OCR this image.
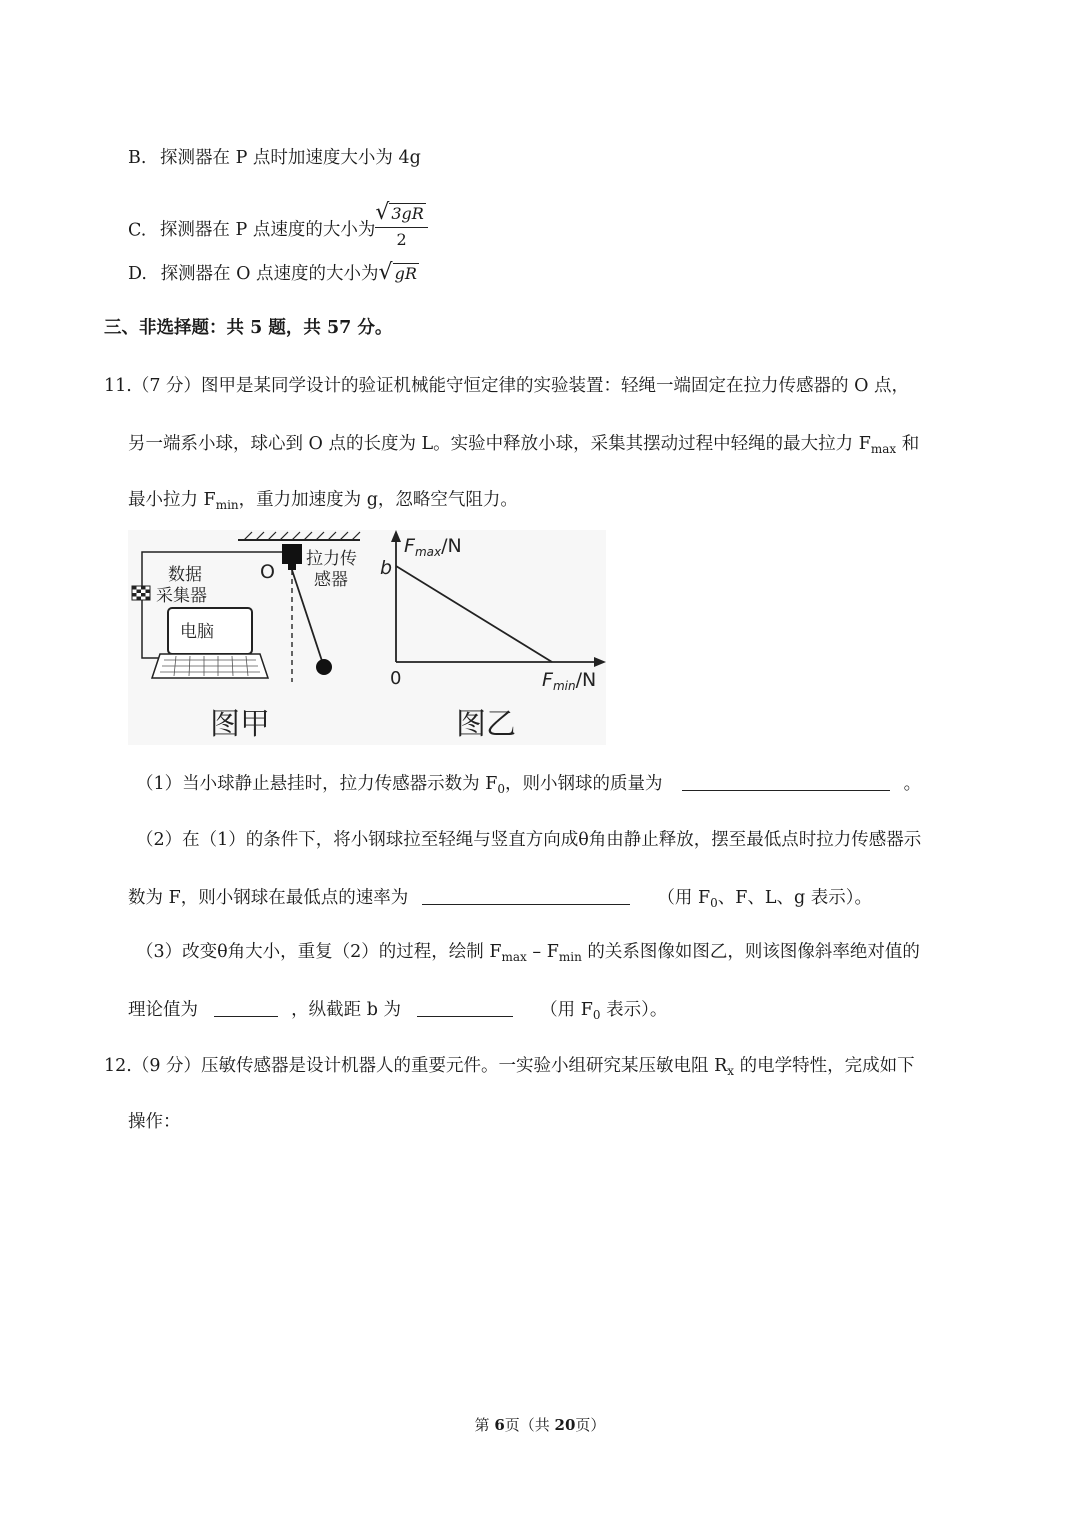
B. 探测器在 P 点时加速度大小为 4g
C. 探测器在 P 点速度的大小为 $\frac{√ 3gR}{2}$
D. 探测器在 O 点速度的大小为√ gR
三、非选择题：共 5 题，共 57 分。
11.（7 分）图甲是某同学设计的验证机械能守恒定律的实验装置：轻绳一端固定在拉力传感器的 O 点，
另一端系小球，球心到 O 点的长度为 L。实验中释放小球，采集其摆动过程中轻绳的最大拉力 $F_{max}$ 和
最小拉力 $F_{min}$，重力加速度为 g，忽略空气阻力。
数据
采集器
电脑
O
拉力传
感器
$F_{max}/N$
b
0	$F_{min}/N$
图甲	图乙
（1）当小球静止悬挂时，拉力传感器示数为 $F_0$，则小钢球的质量为	。
（2）在（1）的条件下，将小钢球拉至轻绳与竖直方向成θ角由静止释放，摆至最低点时拉力传感器示
数为 F，则小钢球在最低点的速率为	（用 $F_0$、F、L、g 表示）。
（3）改变θ角大小，重复（2）的过程，绘制 $F_{max} - F_{min}$ 的关系图像如图乙，则该图像斜率绝对值的
理论值为	，纵截距 b 为	（用 $F_0$ 表示）。
12.（9 分）压敏传感器是设计机器人的重要元件。一实验小组研究某压敏电阻 $R_x$ 的电学特性，完成如下
操作：
第 6页（共 20页）
